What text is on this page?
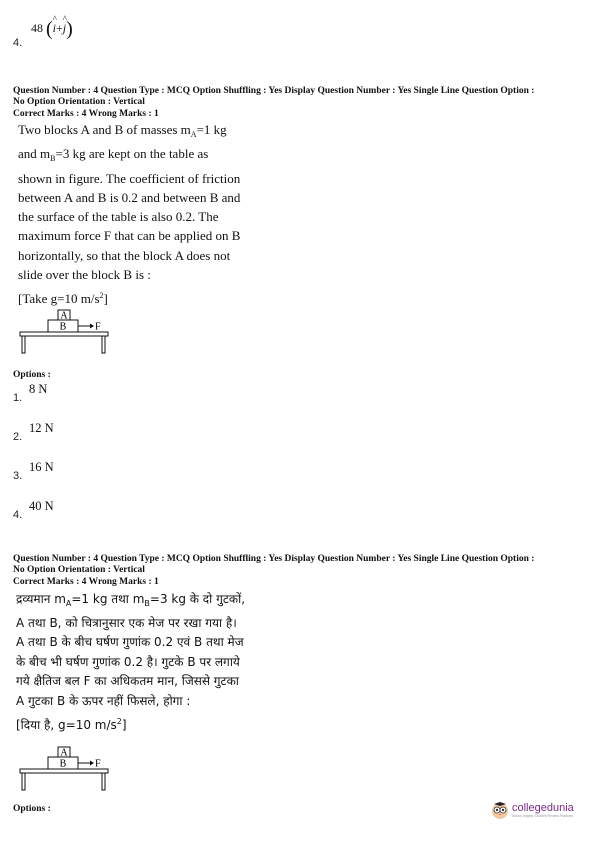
4.
48 ( ^
i+
^
j)
Question Number : 4 Question Type : MCQ Option Shuffling : Yes Display Question Number : Yes Single Line Question Option :
No Option Orientation : Vertical
Correct Marks : 4 Wrong Marks : 1
Two blocks A and B of masses $m_A=1$ kg
and $m_B=3$ kg are kept on the table as
shown in figure. The coefficient of friction
between A and B is 0.2 and between B and
the surface of the table is also 0.2. The
maximum force F that can be applied on B
horizontally, so that the block A does not
slide over the block B is :
[Take g=10 $m/s^2$]
A
B	F
Options :
1.
8 N
2.
12 N
3.
16 N
4.
40 N
Question Number : 4 Question Type : MCQ Option Shuffling : Yes Display Question Number : Yes Single Line Question Option :
No Option Orientation : Vertical
Correct Marks : 4 Wrong Marks : 1
द्रव्यमान $m_A=1$ kg तथा $m_B=3$ kg के दो गुटकों,
A तथा B, को चित्रानुसार एक मेज पर रखा गया है।
A तथा B के बीच घर्षण गुणांक 0.2 एवं B तथा मेज
के बीच भी घर्षण गुणांक 0.2 है। गुटके B पर लगाये
गये क्षैतिज बल F का अधिकतम मान, जिससे गुटका
A गुटका B के ऊपर नहीं फिसले, होगा :
[दिया है, g=10 $m/s^2$]
A
B	F
Options :	collegedunia
India's largest Student Review Platform
